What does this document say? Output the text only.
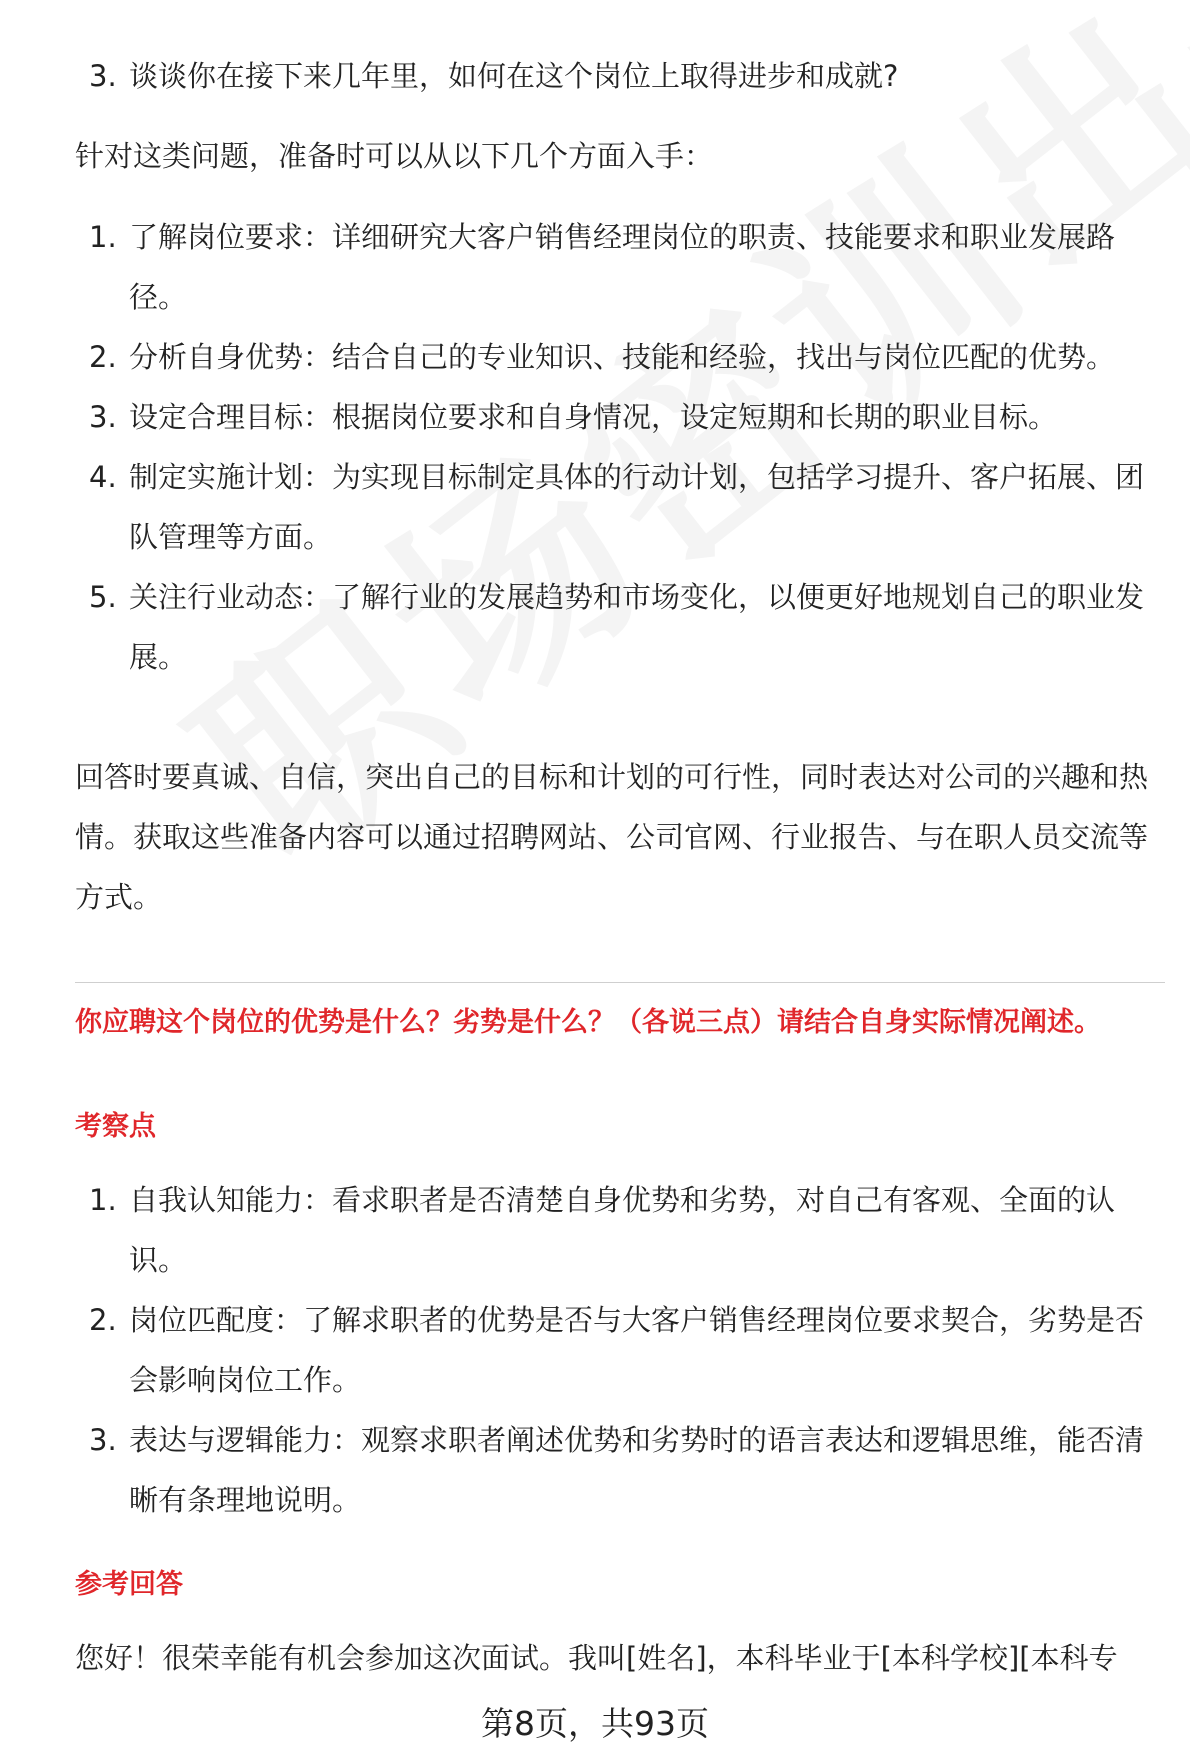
3. 谈谈你在接下来几年里，如何在这个岗位上取得进步和成就?
针对这类问题，准备时可以从以下几个方面入手：
1. 了解岗位要求：详细研究大客户销售经理岗位的职责、技能要求和职业发展路径。
2. 分析自身优势：结合自己的专业知识、技能和经验，找出与岗位匹配的优势。
3. 设定合理目标：根据岗位要求和自身情况，设定短期和长期的职业目标。
4. 制定实施计划：为实现目标制定具体的行动计划，包括学习提升、客户拓展、团队管理等方面。
5. 关注行业动态：了解行业的发展趋势和市场变化，以便更好地规划自己的职业发展。
回答时要真诚、自信，突出自己的目标和计划的可行性，同时表达对公司的兴趣和热情。获取这些准备内容可以通过招聘网站、公司官网、行业报告、与在职人员交流等方式。
你应聘这个岗位的优势是什么？劣势是什么？（各说三点）请结合自身实际情况阐述。
考察点
1. 自我认知能力：看求职者是否清楚自身优势和劣势，对自己有客观、全面的认识。
2. 岗位匹配度：了解求职者的优势是否与大客户销售经理岗位要求契合，劣势是否会影响岗位工作。
3. 表达与逻辑能力：观察求职者阐述优势和劣势时的语言表达和逻辑思维，能否清晰有条理地说明。
参考回答
您好！很荣幸能有机会参加这次面试。我叫[姓名]，本科毕业于[本科学校][本科专
第8页，共93页
